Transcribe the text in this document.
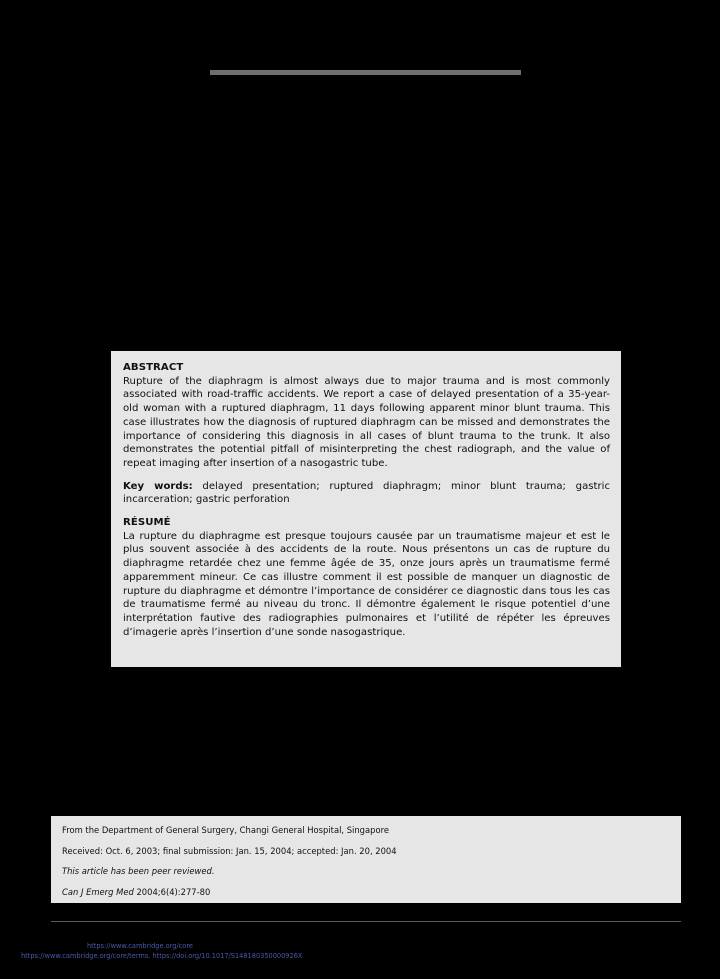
ABSTRACT

Rupture of the diaphragm is almost always due to major trauma and is most commonly associated with road-traffic accidents. We report a case of delayed presentation of a 35-year-old woman with a ruptured diaphragm, 11 days following apparent minor blunt trauma. This case illustrates how the diagnosis of ruptured diaphragm can be missed and demonstrates the importance of considering this diagnosis in all cases of blunt trauma to the trunk. It also demonstrates the potential pitfall of misinterpreting the chest radiograph, and the value of repeat imaging after insertion of a nasogastric tube.

Key words: delayed presentation; ruptured diaphragm; minor blunt trauma; gastric incarceration; gastric perforation

RÉSUMÉ

La rupture du diaphragme est presque toujours causée par un traumatisme majeur et est le plus souvent associée à des accidents de la route. Nous présentons un cas de rupture du diaphragme retardée chez une femme âgée de 35, onze jours après un traumatisme fermé apparemment mineur. Ce cas illustre comment il est possible de manquer un diagnostic de rupture du diaphragme et démontre l’importance de considérer ce diagnostic dans tous les cas de traumatisme fermé au niveau du tronc. Il démontre également le risque potentiel d’une interprétation fautive des radiographies pulmonaires et l’utilité de répéter les épreuves d’imagerie après l’insertion d’une sonde nasogastrique.

From the Department of General Surgery, Changi General Hospital, Singapore

Received: Oct. 6, 2003; final submission: Jan. 15, 2004; accepted: Jan. 20, 2004

This article has been peer reviewed.

Can J Emerg Med 2004;6(4):277-80

https://www.cambridge.org/core
https://www.cambridge.org/core/terms. https://doi.org/10.1017/S148180350000926X
